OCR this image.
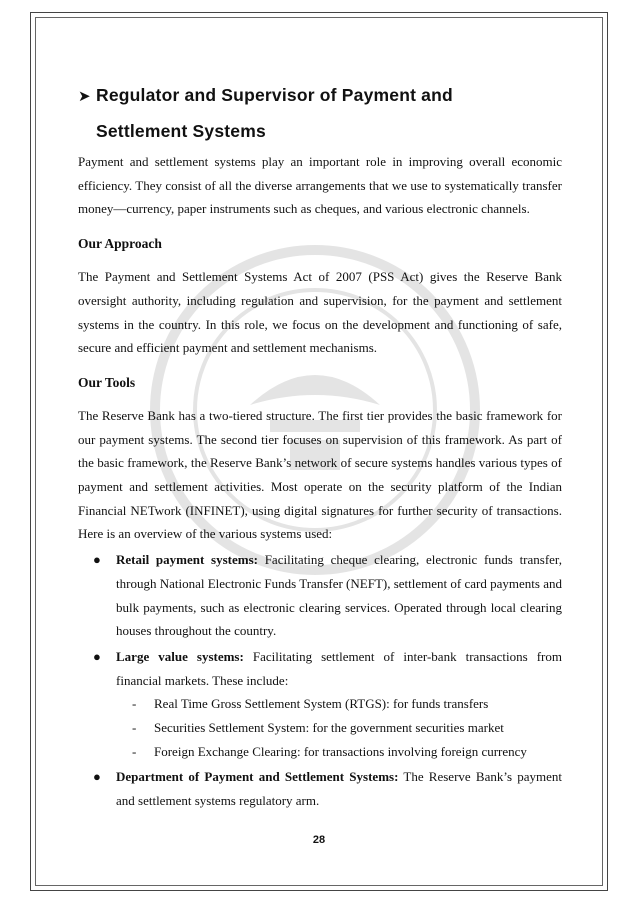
➤ Regulator and Supervisor of Payment and
Settlement Systems

Payment and settlement systems play an important role in improving overall economic efficiency. They consist of all the diverse arrangements that we use to systematically transfer money—currency, paper instruments such as cheques, and various electronic channels.

Our Approach

The Payment and Settlement Systems Act of 2007 (PSS Act) gives the Reserve Bank oversight authority, including regulation and supervision, for the payment and settlement systems in the country. In this role, we focus on the development and functioning of safe, secure and efficient payment and settlement mechanisms.

Our Tools

The Reserve Bank has a two-tiered structure. The first tier provides the basic framework for our payment systems. The second tier focuses on supervision of this framework. As part of the basic framework, the Reserve Bank’s network of secure systems handles various types of payment and settlement activities. Most operate on the security platform of the Indian Financial NETwork (INFINET), using digital signatures for further security of transactions. Here is an overview of the various systems used:

● Retail payment systems: Facilitating cheque clearing, electronic funds transfer, through National Electronic Funds Transfer (NEFT), settlement of card payments and bulk payments, such as electronic clearing services. Operated through local clearing houses throughout the country.
● Large value systems: Facilitating settlement of inter-bank transactions from financial markets. These include:
- Real Time Gross Settlement System (RTGS): for funds transfers
- Securities Settlement System: for the government securities market
- Foreign Exchange Clearing: for transactions involving foreign currency
● Department of Payment and Settlement Systems: The Reserve Bank’s payment and settlement systems regulatory arm.
28
